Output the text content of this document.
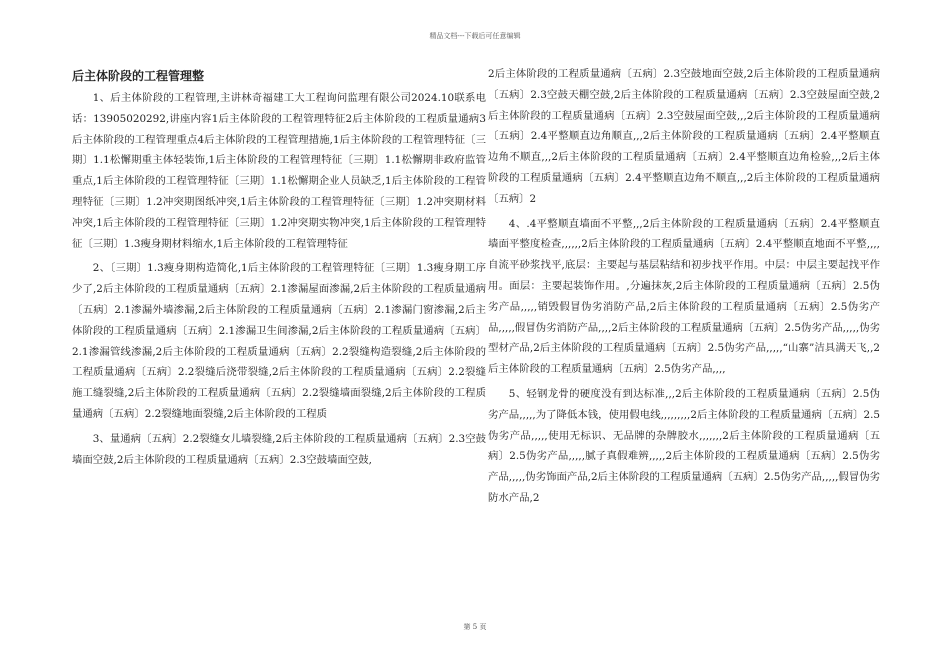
精品文档---下载后可任意编辑
后主体阶段的工程管理整

1、后主体阶段的工程管理,主讲林奇福建工大工程询问监理有限公司2024.10联系电话：13905020292,讲座内容1后主体阶段的工程管理特征2后主体阶段的工程质量通病3后主体阶段的工程管理重点4后主体阶段的工程管理措施,1后主体阶段的工程管理特征〔三期〕1.1松懈期重主体轻装饰,1后主体阶段的工程管理特征〔三期〕1.1松懈期非政府监管重点,1后主体阶段的工程管理特征〔三期〕1.1松懈期企业人员缺乏,1后主体阶段的工程管理特征〔三期〕1.2冲突期图纸冲突,1后主体阶段的工程管理特征〔三期〕1.2冲突期材料冲突,1后主体阶段的工程管理特征〔三期〕1.2冲突期实物冲突,1后主体阶段的工程管理特征〔三期〕1.3瘦身期材料缩水,1后主体阶段的工程管理特征

2、〔三期〕1.3瘦身期构造简化,1后主体阶段的工程管理特征〔三期〕1.3瘦身期工序少了,2后主体阶段的工程质量通病〔五病〕2.1渗漏屋面渗漏,2后主体阶段的工程质量通病〔五病〕2.1渗漏外墙渗漏,2后主体阶段的工程质量通病〔五病〕2.1渗漏门窗渗漏,2后主体阶段的工程质量通病〔五病〕2.1渗漏卫生间渗漏,2后主体阶段的工程质量通病〔五病〕2.1渗漏管线渗漏,2后主体阶段的工程质量通病〔五病〕2.2裂缝构造裂缝,2后主体阶段的工程质量通病〔五病〕2.2裂缝后浇带裂缝,2后主体阶段的工程质量通病〔五病〕2.2裂缝施工缝裂缝,2后主体阶段的工程质量通病〔五病〕2.2裂缝墙面裂缝,2后主体阶段的工程质量通病〔五病〕2.2裂缝地面裂缝,2后主体阶段的工程质

3、量通病〔五病〕2.2裂缝女儿墙裂缝,2后主体阶段的工程质量通病〔五病〕2.3空鼓墙面空鼓,2后主体阶段的工程质量通病〔五病〕2.3空鼓墙面空鼓,

2后主体阶段的工程质量通病〔五病〕2.3空鼓地面空鼓,2后主体阶段的工程质量通病〔五病〕2.3空鼓天棚空鼓,2后主体阶段的工程质量通病〔五病〕2.3空鼓屋面空鼓,2后主体阶段的工程质量通病〔五病〕2.3空鼓屋面空鼓,,,2后主体阶段的工程质量通病〔五病〕2.4平整顺直边角顺直,,,2后主体阶段的工程质量通病〔五病〕2.4平整顺直边角不顺直,,,2后主体阶段的工程质量通病〔五病〕2.4平整顺直边角检验,,,2后主体阶段的工程质量通病〔五病〕2.4平整顺直边角不顺直,,,2后主体阶段的工程质量通病〔五病〕2

4、.4平整顺直墙面不平整,,,2后主体阶段的工程质量通病〔五病〕2.4平整顺直墙面平整度检查,,,,,,2后主体阶段的工程质量通病〔五病〕2.4平整顺直地面不平整,,,,自流平砂浆找平,底层：主要起与基层粘结和初步找平作用。中层：中层主要起找平作用。面层：主要起装饰作用。,分遍抹灰,2后主体阶段的工程质量通病〔五病〕2.5伪劣产品,,,,,销毁假冒伪劣消防产品,2后主体阶段的工程质量通病〔五病〕2.5伪劣产品,,,,,假冒伪劣消防产品,,,,2后主体阶段的工程质量通病〔五病〕2.5伪劣产品,,,,,伪劣型材产品,2后主体阶段的工程质量通病〔五病〕2.5伪劣产品,,,,,“山寨”洁具满天飞,,2后主体阶段的工程质量通病〔五病〕2.5伪劣产品,,,,

5、轻钢龙骨的硬度没有到达标准,,,2后主体阶段的工程质量通病〔五病〕2.5伪劣产品,,,,,为了降低本钱，使用假电线,,,,,,,,,2后主体阶段的工程质量通病〔五病〕2.5伪劣产品,,,,,使用无标识、无品牌的杂牌胶水,,,,,,,2后主体阶段的工程质量通病〔五病〕2.5伪劣产品,,,,,腻子真假难辨,,,,,2后主体阶段的工程质量通病〔五病〕2.5伪劣产品,,,,,伪劣饰面产品,2后主体阶段的工程质量通病〔五病〕2.5伪劣产品,,,,,假冒伪劣防水产品,2

第 5 页
